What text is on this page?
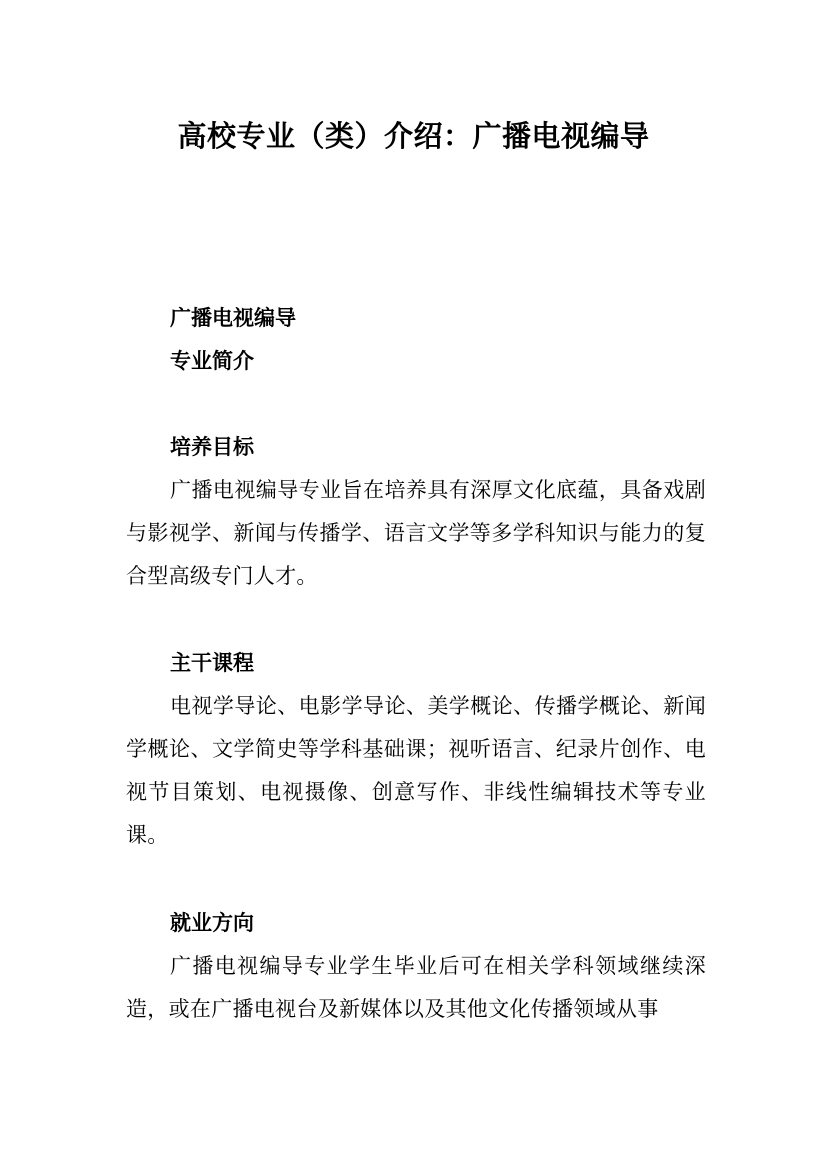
高校专业（类）介绍：广播电视编导

广播电视编导

专业简介

培养目标

广播电视编导专业旨在培养具有深厚文化底蕴，具备戏剧与影视学、新闻与传播学、语言文学等多学科知识与能力的复合型高级专门人才。

主干课程

电视学导论、电影学导论、美学概论、传播学概论、新闻学概论、文学简史等学科基础课；视听语言、纪录片创作、电视节目策划、电视摄像、创意写作、非线性编辑技术等专业课。

就业方向

广播电视编导专业学生毕业后可在相关学科领域继续深造，或在广播电视台及新媒体以及其他文化传播领域从事
